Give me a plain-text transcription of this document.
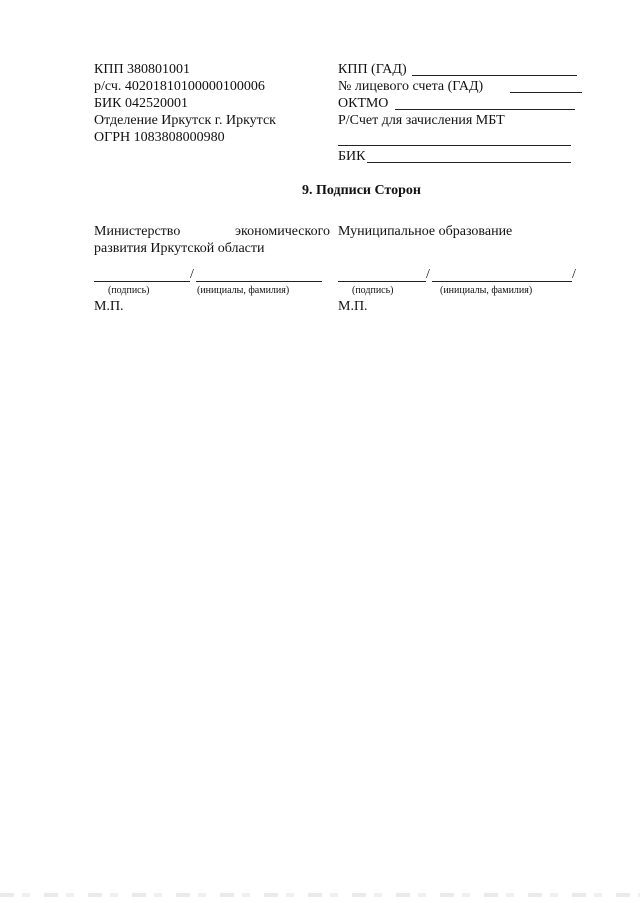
КПП 380801001
р/сч. 40201810100000100006
БИК 042520001
Отделение Иркутск г. Иркутск
ОГРН 1083808000980
КПП (ГАД)
№ лицевого счета (ГАД)
ОКТМО
Р/Счет для зачисления МБТ
БИК
9. Подписи Сторон
Министерство	экономического
развития Иркутской области
/
(подпись)	(инициалы, фамилия)
М.П.
Муниципальное образование
/	/
(подпись)	(инициалы, фамилия)
М.П.
